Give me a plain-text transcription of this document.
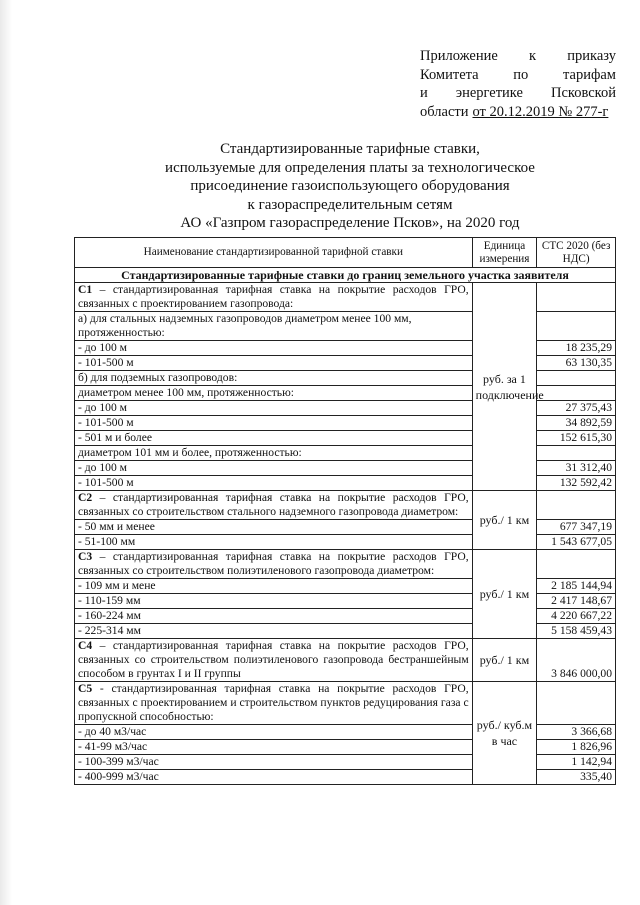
Приложение к приказу
Комитета по тарифам
и энергетике Псковской
области от 20.12.2019 № 277-г
Стандартизированные тарифные ставки,
используемые для определения платы за технологическое
присоединение газоиспользующего оборудования
к газораспределительным сетям
АО «Газпром газораспределение Псков», на 2020 год
Наименование стандартизированной тарифной ставки	Единица измерения	СТС 2020 (без НДС)
Стандартизированные тарифные ставки до границ земельного участка заявителя		
С1 – стандартизированная тарифная ставка на покрытие расходов ГРО, связанных с проектированием газопровода:	руб. за 1 подключение	
а) для стальных надземных газопроводов диаметром менее 100 мм, протяженностью:		
- до 100 м		18 235,29
- 101-500 м		63 130,35
б) для подземных газопроводов:		
диаметром менее 100 мм, протяженностью:		
- до 100 м		27 375,43
- 101-500 м		34 892,59
- 501 м и более		152 615,30
диаметром 101 мм и более, протяженностью:		
- до 100 м		31 312,40
- 101-500 м		132 592,42
С2 – стандартизированная тарифная ставка на покрытие расходов ГРО, связанных со строительством стального надземного газопровода диаметром:	руб./ 1 км	
- 50 мм и менее		677 347,19
- 51-100 мм		1 543 677,05
С3 – стандартизированная тарифная ставка на покрытие расходов ГРО, связанных со строительством полиэтиленового газопровода диаметром:	руб./ 1 км	
- 109 мм и мене		2 185 144,94
- 110-159 мм		2 417 148,67
- 160-224 мм		4 220 667,22
- 225-314 мм		5 158 459,43
С4 – стандартизированная тарифная ставка на покрытие расходов ГРО, связанных со строительством полиэтиленового газопровода бестраншейным способом в грунтах I и II группы	руб./ 1 км	3 846 000,00
С5 - стандартизированная тарифная ставка на покрытие расходов ГРО, связанных с проектированием и строительством пунктов редуцирования газа с пропускной способностью:	руб./ куб.м в час	
- до 40 м3/час		3 366,68
- 41-99 м3/час		1 826,96
- 100-399 м3/час		1 142,94
- 400-999 м3/час		335,40
